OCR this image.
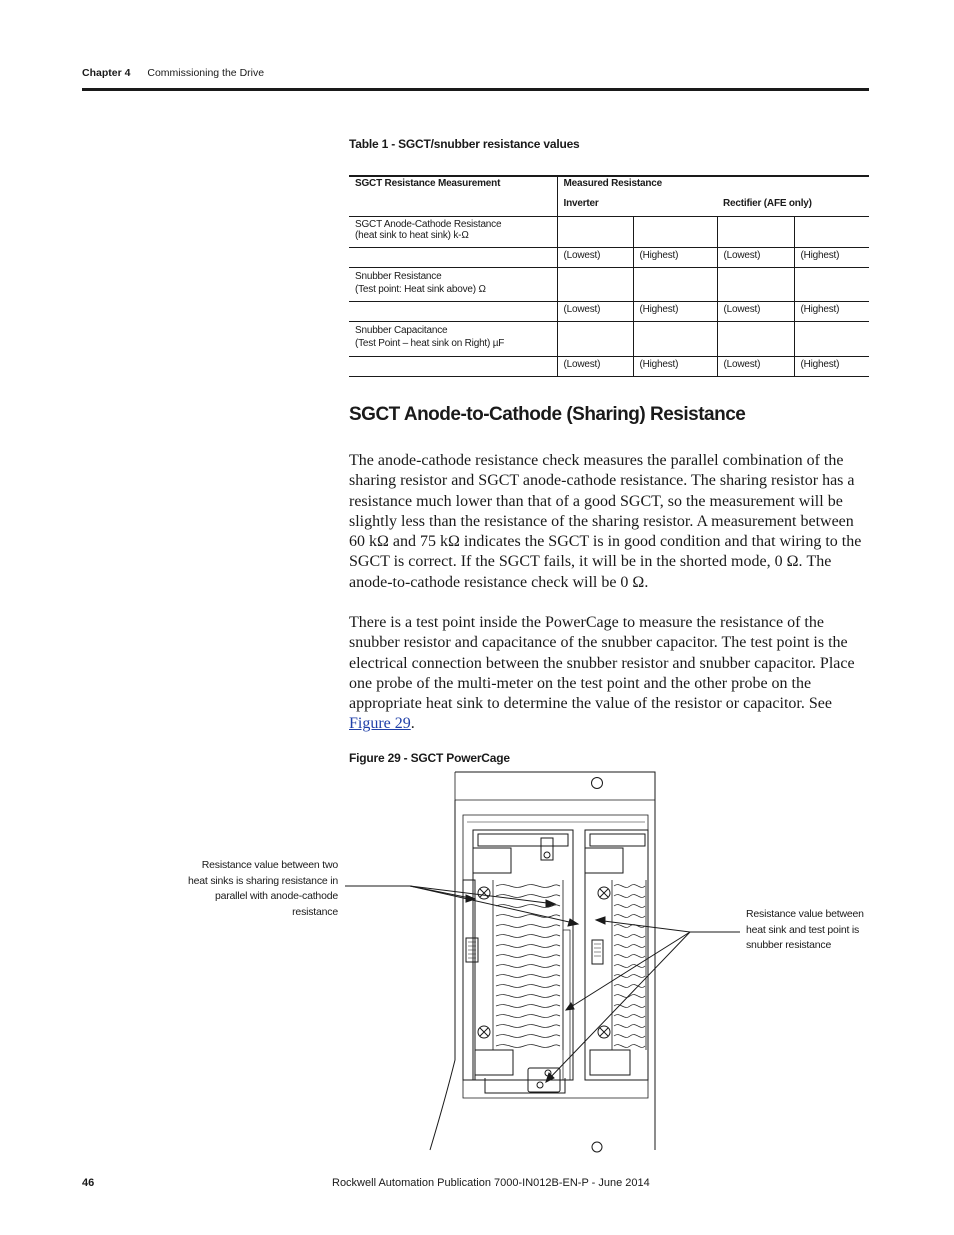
Chapter 4 Commissioning the Drive
Table 1 - SGCT/snubber resistance values
SGCT Resistance Measurement	Measured Resistance			
	Inverter		Rectifier (AFE only)	

SGCT Anode-Cathode Resistance
(heat sink to heat sink) k-Ω				

	(Lowest)	(Highest)	(Lowest)	(Highest)

Snubber Resistance
(Test point: Heat sink above) Ω				

	(Lowest)	(Highest)	(Lowest)	(Highest)

Snubber Capacitance
(Test Point – heat sink on Right) µF				

	(Lowest)	(Highest)	(Lowest)	(Highest)
SGCT Anode-to-Cathode (Sharing) Resistance

The anode-cathode resistance check measures the parallel combination of the sharing resistor and SGCT anode-cathode resistance. The sharing resistor has a resistance much lower than that of a good SGCT, so the measurement will be slightly less than the resistance of the sharing resistor. A measurement between 60 kΩ and 75 kΩ indicates the SGCT is in good condition and that wiring to the SGCT is correct. If the SGCT fails, it will be in the shorted mode, 0 Ω. The anode-to-cathode resistance check will be 0 Ω.

There is a test point inside the PowerCage to measure the resistance of the snubber resistor and capacitance of the snubber capacitor. The test point is the electrical connection between the snubber resistor and snubber capacitor. Place one probe of the multi-meter on the test point and the other probe on the appropriate heat sink to determine the value of the resistor or capacitor. See Figure 29.

Figure 29 - SGCT PowerCage
Resistance value between two heat sinks is sharing resistance in parallel with anode-cathode resistance	Resistance value between heat sink and test point is snubber resistance
46	Rockwell Automation Publication 7000-IN012B-EN-P - June 2014
